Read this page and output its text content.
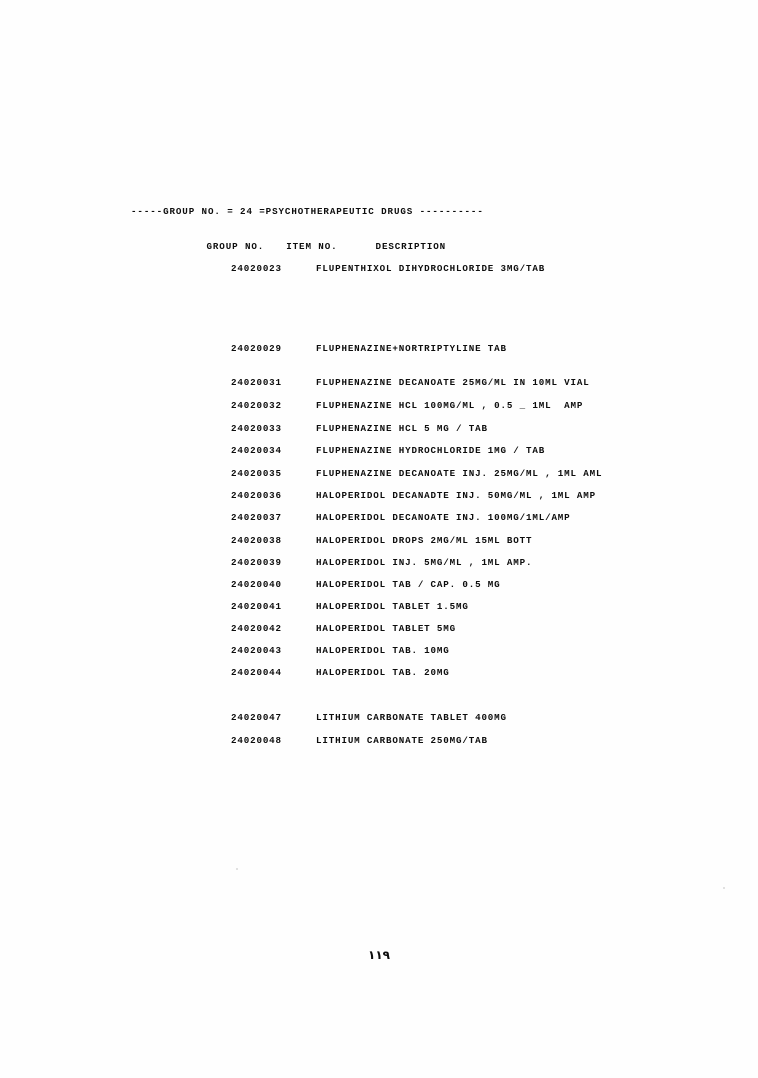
-----GROUP NO. = 24 =PSYCHOTHERAPEUTIC DRUGS ----------

GROUP NO. ITEM NO.	DESCRIPTION

24020023	FLUPENTHIXOL DIHYDROCHLORIDE 3MG/TAB
24020029	FLUPHENAZINE+NORTRIPTYLINE TAB
24020031	FLUPHENAZINE DECANOATE 25MG/ML IN 10ML VIAL
24020032	FLUPHENAZINE HCL 100MG/ML , 0.5 _ 1ML  AMP
24020033	FLUPHENAZINE HCL 5 MG / TAB
24020034	FLUPHENAZINE HYDROCHLORIDE 1MG / TAB
24020035	FLUPHENAZINE DECANOATE INJ. 25MG/ML , 1ML AML
24020036	HALOPERIDOL DECANADTE INJ. 50MG/ML , 1ML AMP
24020037	HALOPERIDOL DECANOATE INJ. 100MG/1ML/AMP
24020038	HALOPERIDOL DROPS 2MG/ML 15ML BOTT
24020039	HALOPERIDOL INJ. 5MG/ML , 1ML AMP.
24020040	HALOPERIDOL TAB / CAP. 0.5 MG
24020041	HALOPERIDOL TABLET 1.5MG
24020042	HALOPERIDOL TABLET 5MG
24020043	HALOPERIDOL TAB. 10MG
24020044	HALOPERIDOL TAB. 20MG
24020047	LITHIUM CARBONATE TABLET 400MG
24020048	LITHIUM CARBONATE 250MG/TAB
١١٩
